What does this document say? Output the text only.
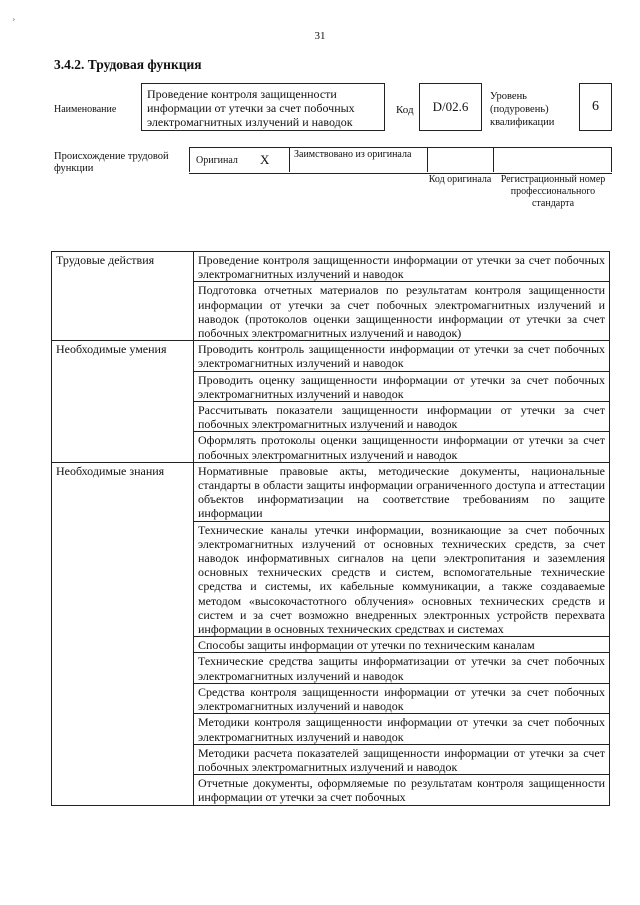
¸
31
3.4.2. Трудовая функция
Наименование
Проведение контроля защищенности информации от утечки за счет побочных электромагнитных излучений и наводок
Код D/02.6
Уровень (подуровень) квалификации
6
Происхождение трудовой функции
Оригинал X Заимствовано из оригинала
Код оригинала Регистрационный номер профессионального стандарта
Трудовые действия	Проведение контроля защищенности информации от утечки за счет побочных электромагнитных излучений и наводок
	Подготовка отчетных материалов по результатам контроля защищенности информации от утечки за счет побочных электромагнитных излучений и наводок (протоколов оценки защищенности информации от утечки за счет побочных электромагнитных излучений и наводок)
Необходимые умения	Проводить контроль защищенности информации от утечки за счет побочных электромагнитных излучений и наводок
	Проводить оценку защищенности информации от утечки за счет побочных электромагнитных излучений и наводок
	Рассчитывать показатели защищенности информации от утечки за счет побочных электромагнитных излучений и наводок
	Оформлять протоколы оценки защищенности информации от утечки за счет побочных электромагнитных излучений и наводок
Необходимые знания	Нормативные правовые акты, методические документы, национальные стандарты в области защиты информации ограниченного доступа и аттестации объектов информатизации на соответствие требованиям по защите информации
	Технические каналы утечки информации, возникающие за счет побочных электромагнитных излучений от основных технических средств, за счет наводок информативных сигналов на цепи электропитания и заземления основных технических средств и систем, вспомогательные технические средства и системы, их кабельные коммуникации, а также создаваемые методом «высокочастотного облучения» основных технических средств и систем и за счет возможно внедренных электронных устройств перехвата информации в основных технических средствах и системах
	Способы защиты информации от утечки по техническим каналам
	Технические средства защиты информатизации от утечки за счет побочных электромагнитных излучений и наводок
	Средства контроля защищенности информации от утечки за счет побочных электромагнитных излучений и наводок
	Методики контроля защищенности информации от утечки за счет побочных электромагнитных излучений и наводок
	Методики расчета показателей защищенности информации от утечки за счет побочных электромагнитных излучений и наводок
	Отчетные документы, оформляемые по результатам контроля защищенности информации от утечки за счет побочных
